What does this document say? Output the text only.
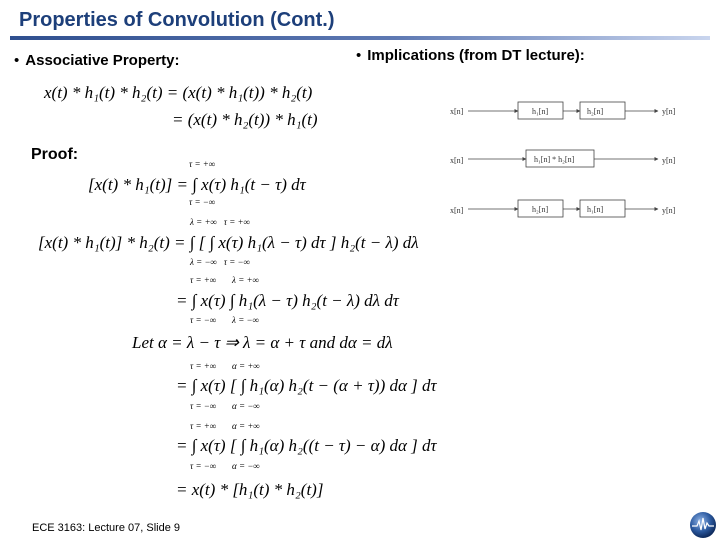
Properties of Convolution (Cont.)
• Associative Property:	• Implications (from DT lecture):

x(t) * h₁(t) * h₂(t) = (x(t) * h₁(t)) * h₂(t)

= (x(t) * h₂(t)) * h₁(t)

Proof:

τ = +∞

[x(t) * h₁(t)] = ∫ x(τ) h₁(t − τ) dτ

τ = −∞

λ = +∞ τ = +∞

[x(t) * h₁(t)] * h₂(t) = ∫ [ ∫ x(τ) h₁(λ − τ) dτ ] h₂(t − λ) dλ

λ = −∞ τ = −∞

τ = +∞ λ = +∞

= ∫ x(τ) ∫ h₁(λ − τ) h₂(t − λ) dλ dτ

τ = −∞ λ = −∞

Let α = λ − τ ⇒ λ = α + τ and dα = dλ

τ = +∞ α = +∞

= ∫ x(τ) [ ∫ h₁(α) h₂(t − (α + τ)) dα ] dτ

τ = −∞ α = −∞

τ = +∞ α = +∞

= ∫ x(τ) [ ∫ h₁(α) h₂((t − τ) − α) dα ] dτ

τ = −∞ α = −∞

= x(t) * [h₁(t) * h₂(t)]

x[n]	h₁[n]	h₂[n]	y[n]
x[n]	h₁[n] * h₂[n]	y[n]
x[n]	h₂[n]	h₁[n]	y[n]
ECE 3163: Lecture 07, Slide 9
